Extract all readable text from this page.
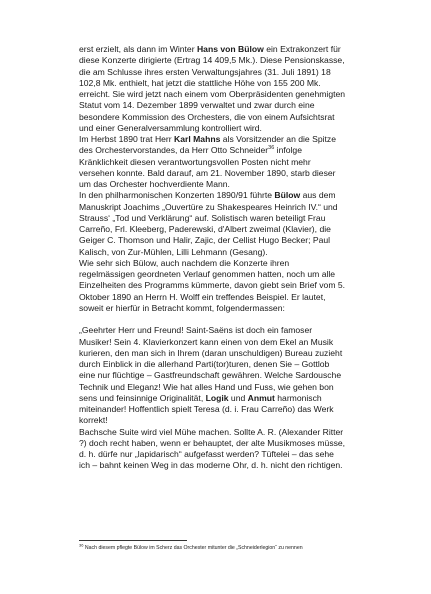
erst erzielt, als dann im Winter Hans von Bülow ein Extrakonzert für
diese Konzerte dirigierte (Ertrag 14 409,5 Mk.). Diese Pensionskasse,
die am Schlusse ihres ersten Verwaltungsjahres (31. Juli 1891) 18
102,8 Mk. enthielt, hat jetzt die stattliche Höhe von 155 200 Mk.
erreicht. Sie wird jetzt nach einem vom Oberpräsidenten genehmigten
Statut vom 14. Dezember 1899 verwaltet und zwar durch eine
besondere Kommission des Orchesters, die von einem Aufsichtsrat
und einer Generalversammlung kontrolliert wird.
Im Herbst 1890 trat Herr Karl Mahns als Vorsitzender an die Spitze
des Orchestervorstandes, da Herr Otto Schneider$^{36}$ infolge
Kränklichkeit diesen verantwortungsvollen Posten nicht mehr
versehen konnte. Bald darauf, am 21. November 1890, starb dieser
um das Orchester hochverdiente Mann.
In den philharmonischen Konzerten 1890/91 führte Bülow aus dem
Manuskript Joachims „Ouvertüre zu Shakespeares Heinrich IV.“ und
Strauss‘ „Tod und Verklärung“ auf. Solistisch waren beteiligt Frau
Carreño, Frl. Kleeberg, Paderewski, d'Albert zweimal (Klavier), die
Geiger C. Thomson und Halir, Zajic, der Cellist Hugo Becker; Paul
Kalisch, von Zur-Mühlen, Lilli Lehmann (Gesang).
Wie sehr sich Bülow, auch nachdem die Konzerte ihren
regelmässigen geordneten Verlauf genommen hatten, noch um alle
Einzelheiten des Programms kümmerte, davon giebt sein Brief vom 5.
Oktober 1890 an Herrn H. Wolff ein treffendes Beispiel. Er lautet,
soweit er hierfür in Betracht kommt, folgendermassen:
„Geehrter Herr und Freund! Saint-Saëns ist doch ein famoser
Musiker! Sein 4. Klavierkonzert kann einen von dem Ekel an Musik
kurieren, den man sich in Ihrem (daran unschuldigen) Bureau zuzieht
durch Einblick in die allerhand Parti(tor)turen, denen Sie – Gottlob
eine nur flüchtige – Gastfreundschaft gewähren. Welche Sardousche
Technik und Eleganz! Wie hat alles Hand und Fuss, wie gehen bon
sens und feinsinnige Originalität, Logik und Anmut harmonisch
miteinander! Hoffentlich spielt Teresa (d. i. Frau Carreño) das Werk
korrekt!
Bachsche Suite wird viel Mühe machen. Sollte A. R. (Alexander Ritter
?) doch recht haben, wenn er behauptet, der alte Musikmoses müsse,
d. h. dürfe nur „lapidarisch“ aufgefasst werden? Tüftelei – das sehe
ich – bahnt keinen Weg in das moderne Ohr, d. h. nicht den richtigen.
$^{36}$ Nach diesem pflegte Bülow im Scherz das Orchester mitunter die „Schneiderlegion“ zu nennen
